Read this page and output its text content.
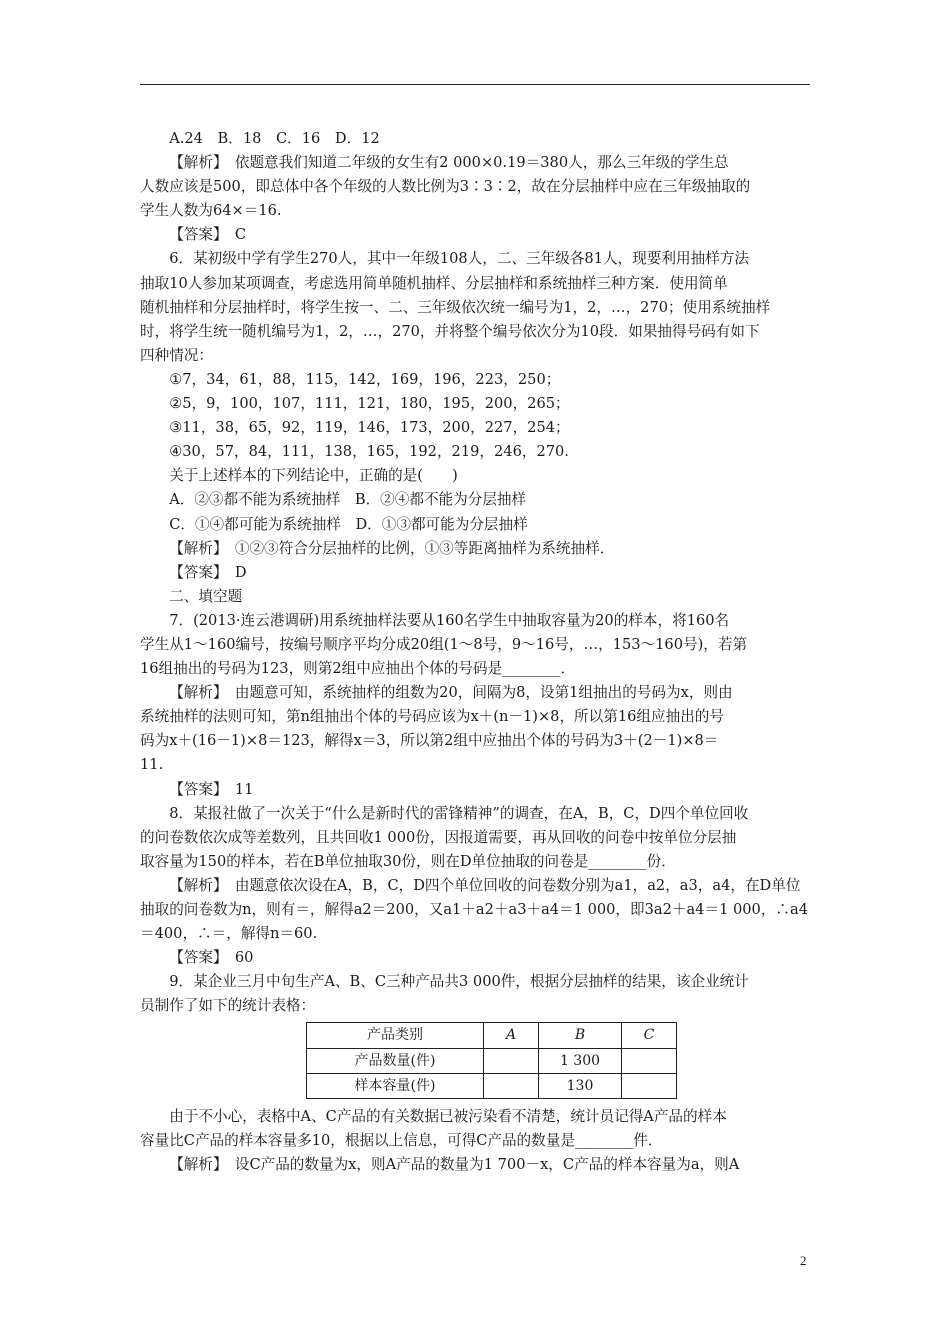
A.24　B．18　C．16　D．12

【解析】　依题意我们知道二年级的女生有2 000×0.19＝380人，那么三年级的学生总

人数应该是500，即总体中各个年级的人数比例为3∶3∶2，故在分层抽样中应在三年级抽取的

学生人数为64×＝16.

【答案】　C

6．某初级中学有学生270人，其中一年级108人，二、三年级各81人，现要利用抽样方法

抽取10人参加某项调查，考虑选用简单随机抽样、分层抽样和系统抽样三种方案．使用简单

随机抽样和分层抽样时，将学生按一、二、三年级依次统一编号为1，2，…，270；使用系统抽样

时，将学生统一随机编号为1，2，…，270，并将整个编号依次分为10段．如果抽得号码有如下

四种情况：

①7，34，61，88，115，142，169，196，223，250；

②5，9，100，107，111，121，180，195，200，265；

③11，38，65，92，119，146，173，200，227，254；

④30，57，84，111，138，165，192，219，246，270.

关于上述样本的下列结论中，正确的是(　　)

A．②③都不能为系统抽样　B．②④都不能为分层抽样

C．①④都可能为系统抽样　D．①③都可能为分层抽样

【解析】　①②③符合分层抽样的比例，①③等距离抽样为系统抽样．

【答案】　D

二、填空题

7．(2013·连云港调研)用系统抽样法要从160名学生中抽取容量为20的样本，将160名

学生从1～160编号，按编号顺序平均分成20组(1～8号，9～16号，…，153～160号)，若第

16组抽出的号码为123，则第2组中应抽出个体的号码是________．

【解析】　由题意可知，系统抽样的组数为20，间隔为8，设第1组抽出的号码为x，则由

系统抽样的法则可知，第n组抽出个体的号码应该为x＋(n－1)×8，所以第16组应抽出的号

码为x＋(16－1)×8＝123，解得x＝3，所以第2组中应抽出个体的号码为3＋(2－1)×8＝

11.

【答案】　11

8．某报社做了一次关于“什么是新时代的雷锋精神”的调查，在A，B，C，D四个单位回收

的问卷数依次成等差数列，且共回收1 000份，因报道需要，再从回收的问卷中按单位分层抽

取容量为150的样本，若在B单位抽取30份，则在D单位抽取的问卷是________份．

【解析】　由题意依次设在A，B，C，D四个单位回收的问卷数分别为a1，a2，a3，a4，在D单位

抽取的问卷数为n，则有＝，解得a2＝200，又a1＋a2＋a3＋a4＝1 000，即3a2＋a4＝1 000，∴a4

＝400，∴＝，解得n＝60.

【答案】　60

9．某企业三月中旬生产A、B、C三种产品共3 000件，根据分层抽样的结果，该企业统计

员制作了如下的统计表格：

产品类别	A	B	C
产品数量(件)		1 300	
样本容量(件)		130	

由于不小心，表格中A、C产品的有关数据已被污染看不清楚，统计员记得A产品的样本

容量比C产品的样本容量多10，根据以上信息，可得C产品的数量是________件．

【解析】　设C产品的数量为x，则A产品的数量为1 700－x，C产品的样本容量为a，则A

2
